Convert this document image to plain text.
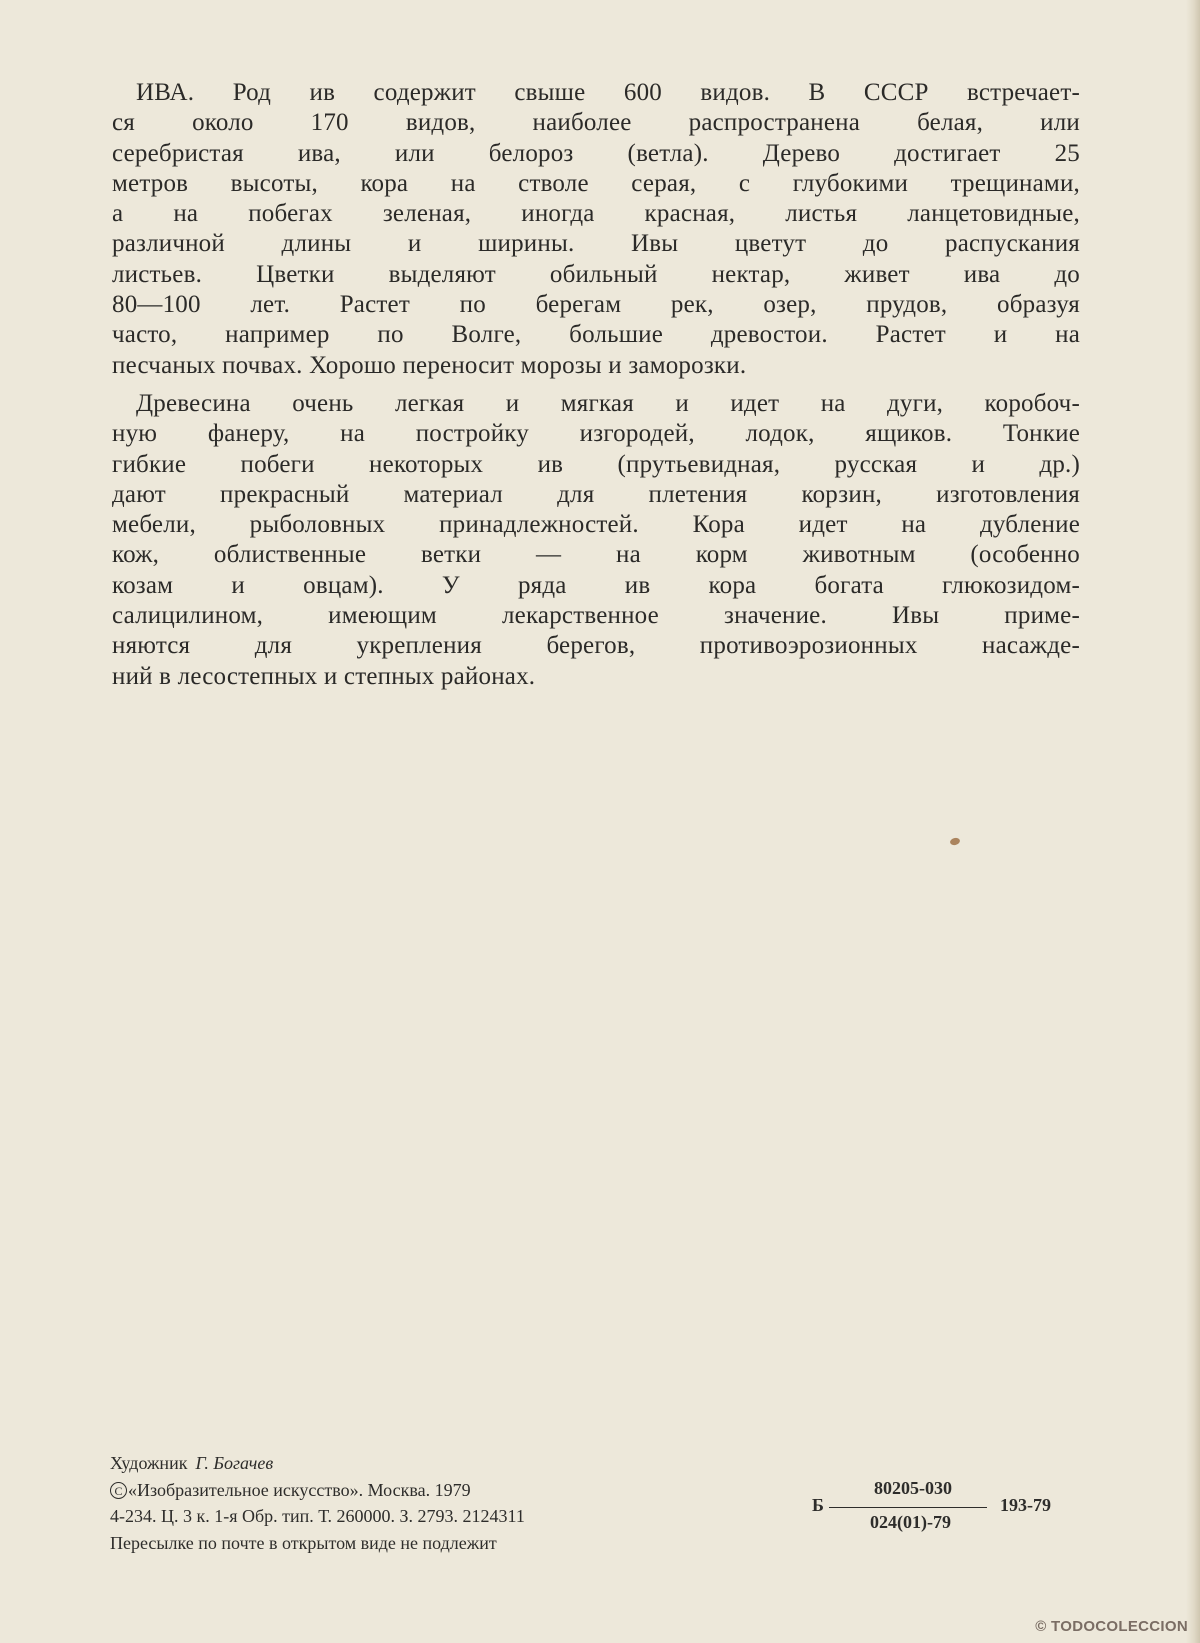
ИВА. Род ив содержит свыше 600 видов. В СССР встречает-
ся около 170 видов, наиболее распространена белая, или
серебристая ива, или белороз (ветла). Дерево достигает 25
метров высоты, кора на стволе серая, с глубокими трещинами,
а на побегах зеленая, иногда красная, листья ланцетовидные,
различной длины и ширины. Ивы цветут до распускания
листьев. Цветки выделяют обильный нектар, живет ива до
80—100 лет. Растет по берегам рек, озер, прудов, образуя
часто, например по Волге, большие древостои. Растет и на
песчаных почвах. Хорошо переносит морозы и заморозки.

Древесина очень легкая и мягкая и идет на дуги, коробоч-
ную фанеру, на постройку изгородей, лодок, ящиков. Тонкие
гибкие побеги некоторых ив (прутьевидная, русская и др.)
дают прекрасный материал для плетения корзин, изготовления
мебели, рыболовных принадлежностей. Кора идет на дубление
кож, облиственные ветки — на корм животным (особенно
козам и овцам). У ряда ив кора богата глюкозидом-
салицилином, имеющим лекарственное значение. Ивы приме-
няются для укрепления берегов, противоэрозионных насажде-
ний в лесостепных и степных районах.

Художник Г. Богачев
C «Изобразительное искусство». Москва. 1979
4-234. Ц. 3 к. 1-я Обр. тип. Т. 260000. З. 2793. 2124311
Пересылке по почте в открытом виде не подлежит
Б
80205-030
024(01)-79
193-79
© TODOCOLECCION
